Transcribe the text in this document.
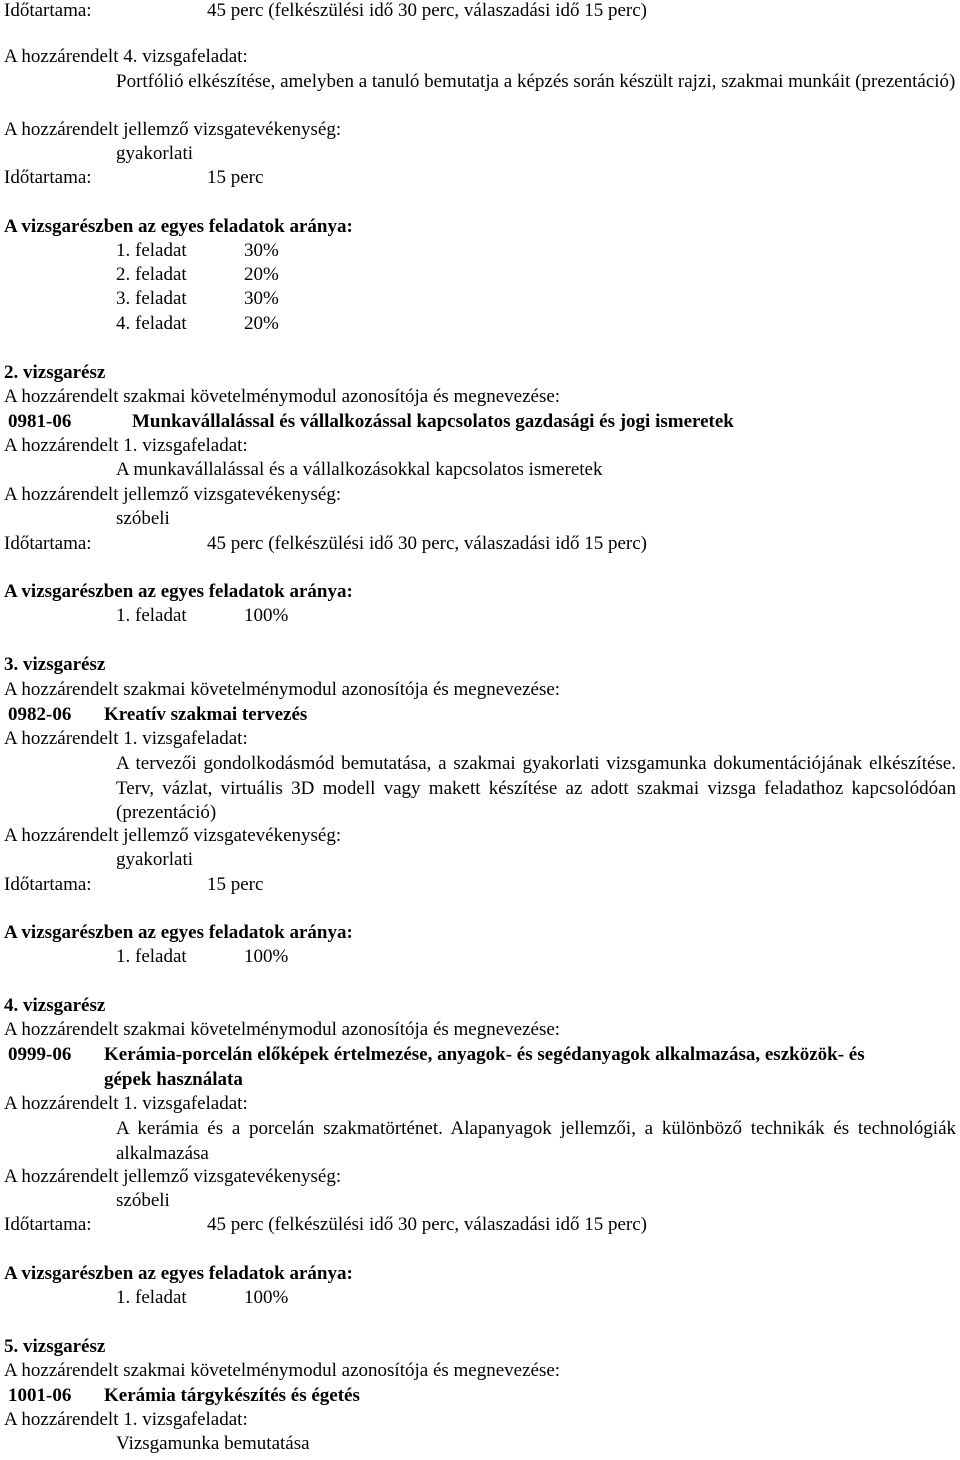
Időtartama:	45 perc (felkészülési idő 30 perc, válaszadási idő 15 perc)
A hozzárendelt 4. vizsgafeladat:
Portfólió elkészítése, amelyben a tanuló bemutatja a képzés során készült rajzi, szakmai munkáit (prezentáció)
A hozzárendelt jellemző vizsgatevékenység:
gyakorlati
Időtartama:	15 perc
A vizsgarészben az egyes feladatok aránya:
1. feladat	30%
2. feladat	20%
3. feladat	30%
4. feladat	20%
2. vizsgarész
A hozzárendelt szakmai követelménymodul azonosítója és megnevezése:
0981-06	Munkavállalással és vállalkozással kapcsolatos gazdasági és jogi ismeretek
A hozzárendelt 1. vizsgafeladat:
A munkavállalással és a vállalkozásokkal kapcsolatos ismeretek
A hozzárendelt jellemző vizsgatevékenység:
szóbeli
Időtartama:	45 perc (felkészülési idő 30 perc, válaszadási idő 15 perc)
A vizsgarészben az egyes feladatok aránya:
1. feladat	100%
3. vizsgarész
A hozzárendelt szakmai követelménymodul azonosítója és megnevezése:
0982-06 Kreatív szakmai tervezés
A hozzárendelt 1. vizsgafeladat:
A tervezői gondolkodásmód bemutatása, a szakmai gyakorlati vizsgamunka dokumentációjának elkészítése. Terv, vázlat, virtuális 3D modell vagy makett készítése az adott szakmai vizsga feladathoz kapcsolódóan (prezentáció)
A hozzárendelt jellemző vizsgatevékenység:
gyakorlati
Időtartama:	15 perc
A vizsgarészben az egyes feladatok aránya:
1. feladat	100%
4. vizsgarész
A hozzárendelt szakmai követelménymodul azonosítója és megnevezése:
0999-06 Kerámia-porcelán előképek értelmezése, anyagok- és segédanyagok alkalmazása, eszközök- és
gépek használata
A hozzárendelt 1. vizsgafeladat:
A kerámia és a porcelán szakmatörténet. Alapanyagok jellemzői, a különböző technikák és technológiák alkalmazása
A hozzárendelt jellemző vizsgatevékenység:
szóbeli
Időtartama:	45 perc (felkészülési idő 30 perc, válaszadási idő 15 perc)
A vizsgarészben az egyes feladatok aránya:
1. feladat	100%
5. vizsgarész
A hozzárendelt szakmai követelménymodul azonosítója és megnevezése:
1001-06 Kerámia tárgykészítés és égetés
A hozzárendelt 1. vizsgafeladat:
Vizsgamunka bemutatása
